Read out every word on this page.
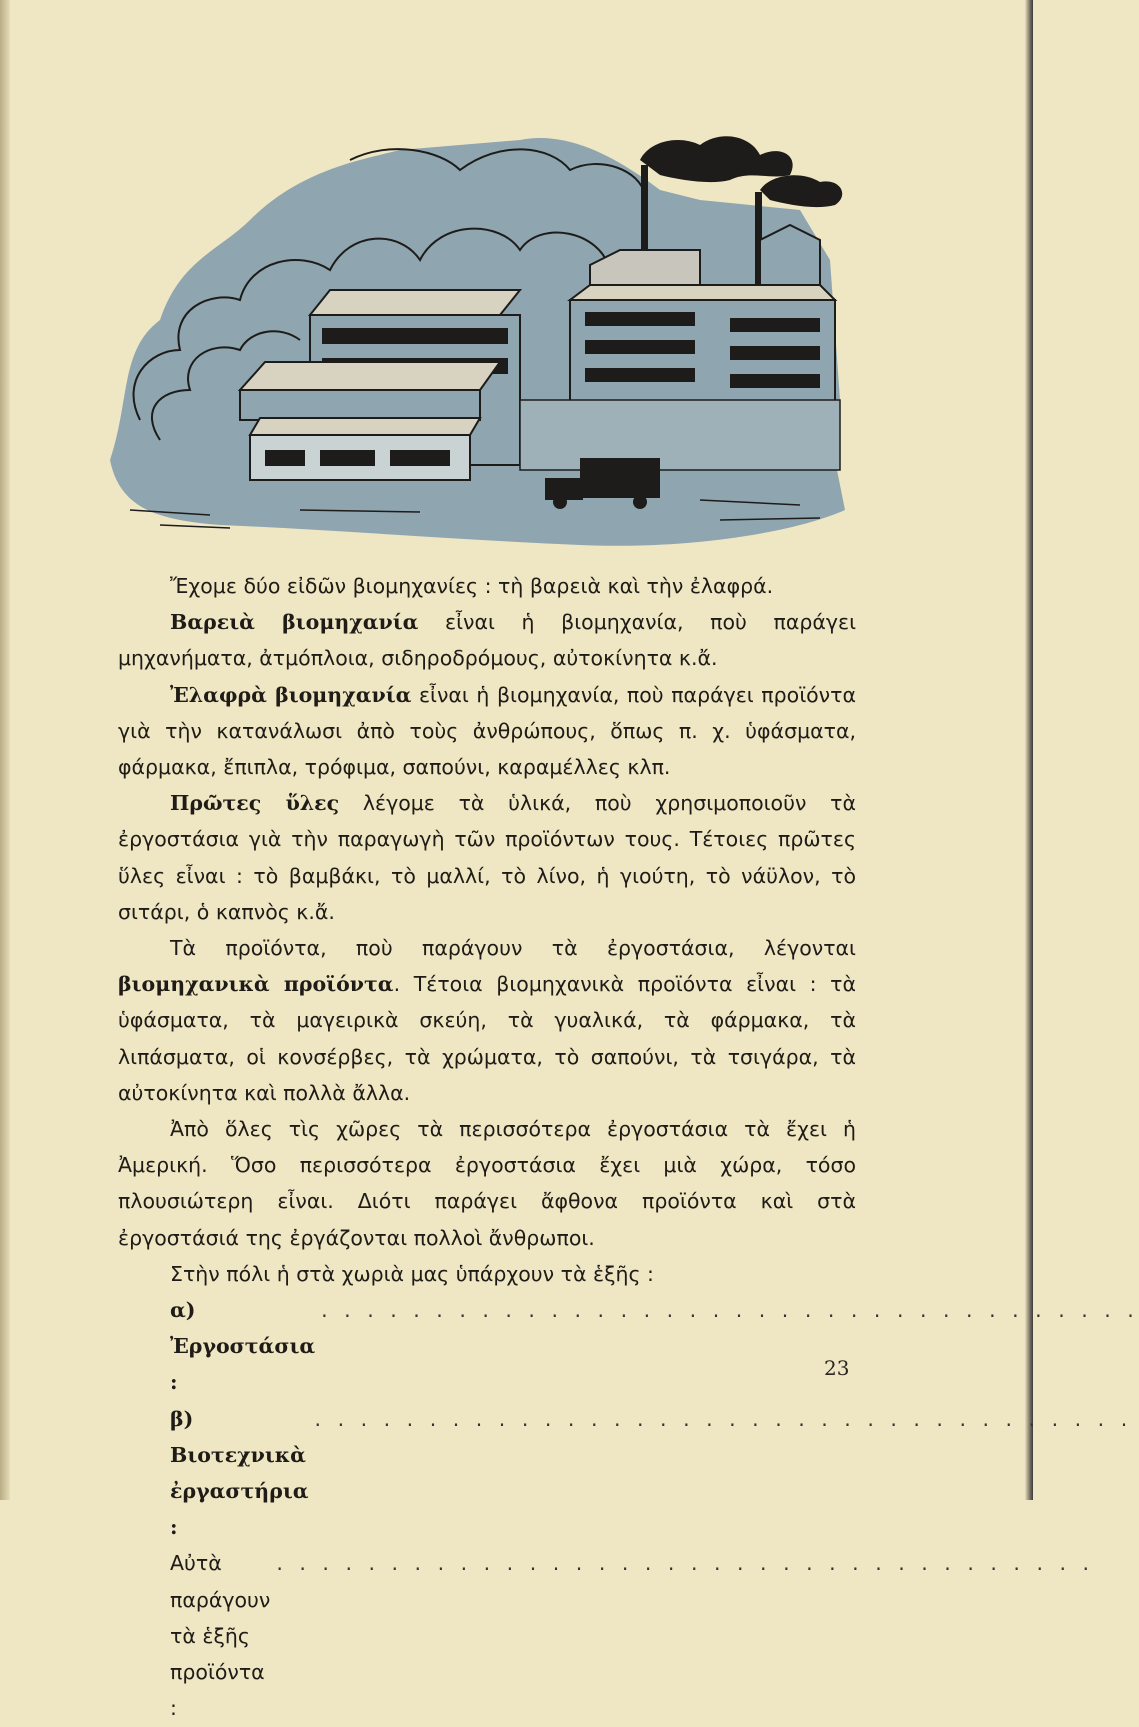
Ἔχομε δύο εἰδῶν βιομηχανίες : τὴ βαρειὰ καὶ τὴν ἐλαφρά.

Βαρειὰ βιομηχανία εἶναι ἡ βιομηχανία, ποὺ παράγει μηχανήματα, ἀτμόπλοια, σιδηροδρόμους, αὐτοκίνητα κ.ἄ.

Ἐλαφρὰ βιομηχανία εἶναι ἡ βιομηχανία, ποὺ παράγει προϊόντα γιὰ τὴν κατανάλωσι ἀπὸ τοὺς ἀνθρώπους, ὅπως π. χ. ὑφάσματα, φάρμακα, ἔπιπλα, τρόφιμα, σαπούνι, καραμέλλες κλπ.

Πρῶτες ὕλες λέγομε τὰ ὑλικά, ποὺ χρησιμοποιοῦν τὰ ἐργοστάσια γιὰ τὴν παραγωγὴ τῶν προϊόντων τους. Τέτοιες πρῶτες ὕλες εἶναι : τὸ βαμβάκι, τὸ μαλλί, τὸ λίνο, ἡ γιούτη, τὸ νάϋλον, τὸ σιτάρι, ὁ καπνὸς κ.ἄ.

Τὰ προϊόντα, ποὺ παράγουν τὰ ἐργοστάσια, λέγονται βιομηχανικὰ προϊόντα. Τέτοια βιομηχανικὰ προϊόντα εἶναι : τὰ ὑφάσματα, τὰ μαγειρικὰ σκεύη, τὰ γυαλικά, τὰ φάρμακα, τὰ λιπάσματα, οἱ κονσέρβες, τὰ χρώματα, τὸ σαπούνι, τὰ τσιγάρα, τὰ αὐτοκίνητα καὶ πολλὰ ἄλλα.

Ἀπὸ ὅλες τὶς χῶρες τὰ περισσότερα ἐργοστάσια τὰ ἔχει ἡ Ἀμερική. Ὅσο περισσότερα ἐργοστάσια ἔχει μιὰ χώρα, τόσο πλουσιώτερη εἶναι. Διότι παράγει ἄφθονα προϊόντα καὶ στὰ ἐργοστάσιά της ἐργάζονται πολλοὶ ἄνθρωποι.

Στὴν πόλι ἡ στὰ χωριὰ μας ὑπάρχουν τὰ ἑξῆς :

α) Ἐργοστάσια :
. . . . . . . . . . . . . . . . . . . . . . . . . . . . . . . . . . . .
β) Βιοτεχνικὰ ἐργαστήρια :
. . . . . . . . . . . . . . . . . . . . . . . . . . . . . . . . . . . .
Αὐτὰ παράγουν τὰ ἑξῆς προϊόντα :
. . . . . . . . . . . . . . . . . . . . . . . . . . . . . . . . . . . .
23
